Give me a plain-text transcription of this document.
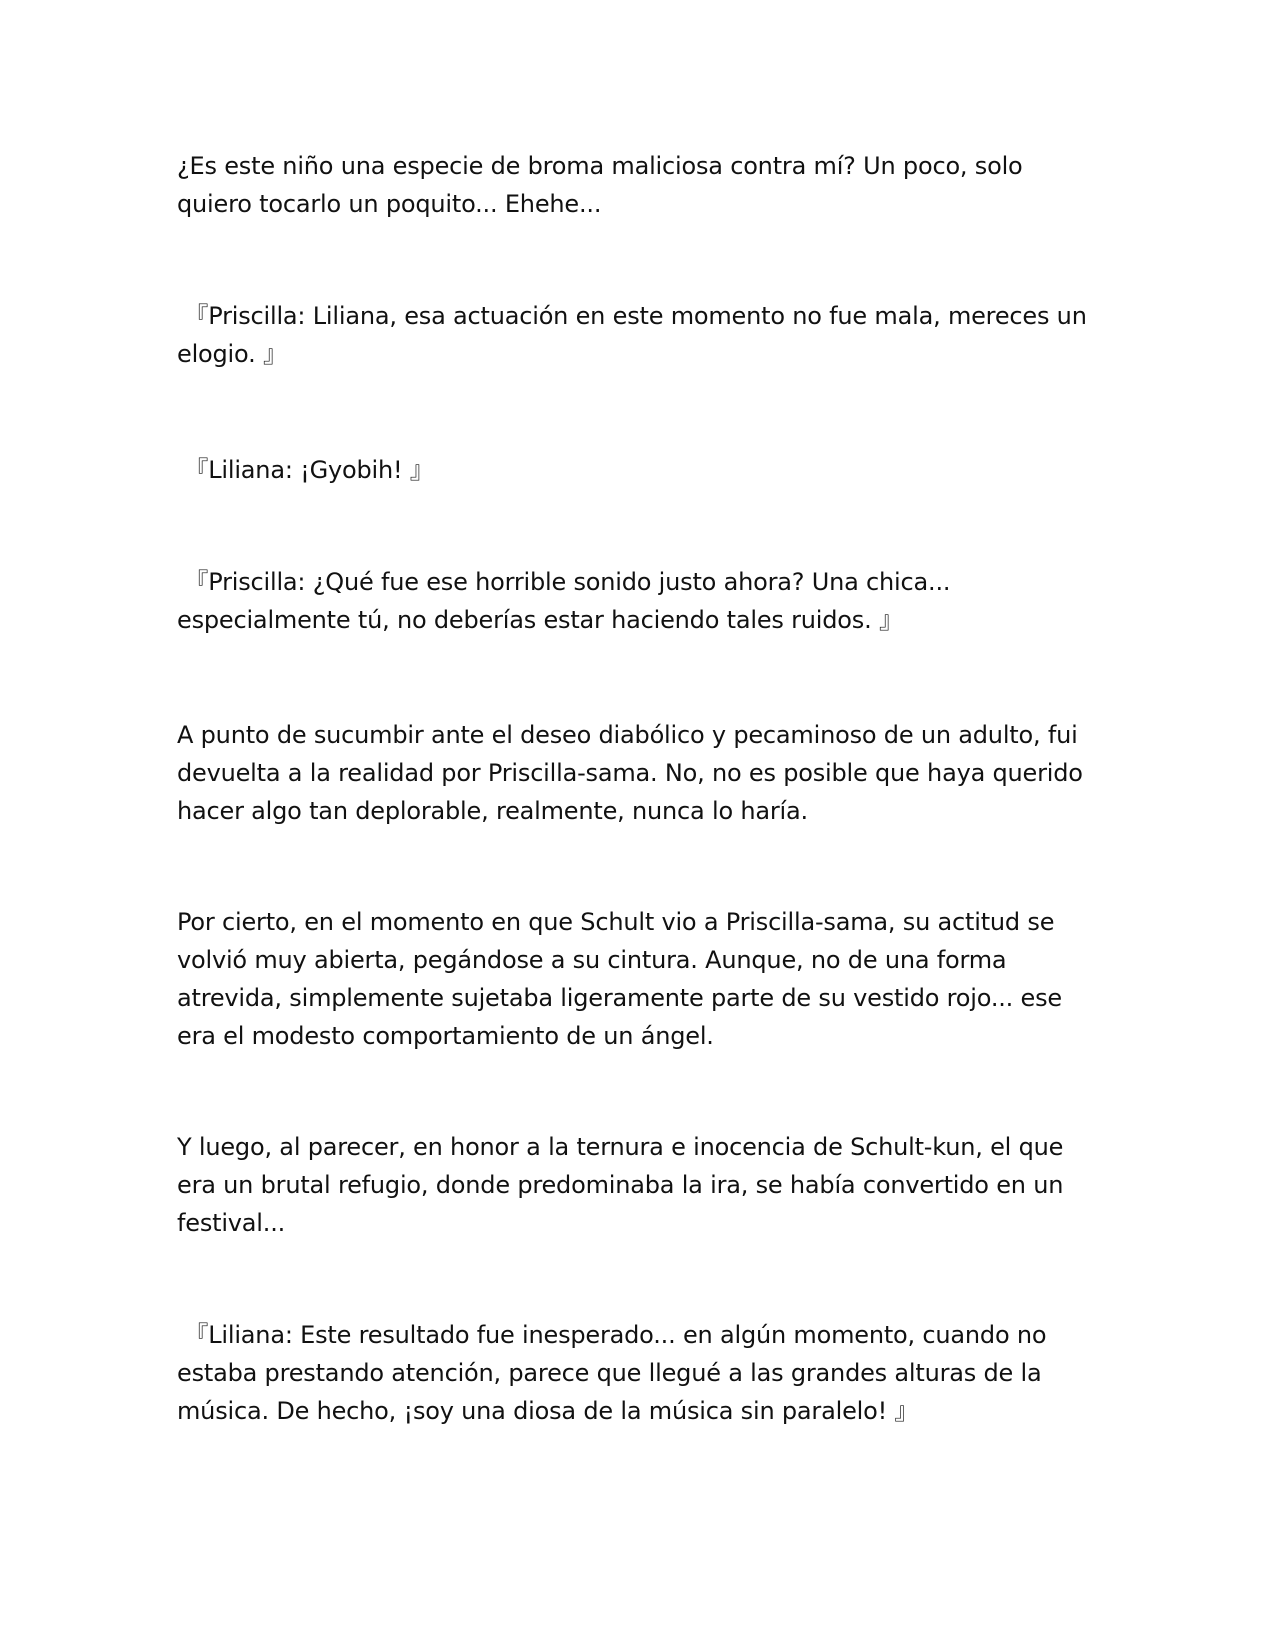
¿Es este niño una especie de broma maliciosa contra mí? Un poco, solo quiero tocarlo un poquito... Ehehe...

『Priscilla: Liliana, esa actuación en este momento no fue mala, mereces un elogio. 』

『Liliana: ¡Gyobih! 』

『Priscilla: ¿Qué fue ese horrible sonido justo ahora? Una chica... especialmente tú, no deberías estar haciendo tales ruidos. 』

A punto de sucumbir ante el deseo diabólico y pecaminoso de un adulto, fui devuelta a la realidad por Priscilla-sama. No, no es posible que haya querido hacer algo tan deplorable, realmente, nunca lo haría.

Por cierto, en el momento en que Schult vio a Priscilla-sama, su actitud se volvió muy abierta, pegándose a su cintura. Aunque, no de una forma atrevida, simplemente sujetaba ligeramente parte de su vestido rojo... ese era el modesto comportamiento de un ángel.

Y luego, al parecer, en honor a la ternura e inocencia de Schult-kun, el que era un brutal refugio, donde predominaba la ira, se había convertido en un festival...

『Liliana: Este resultado fue inesperado... en algún momento, cuando no estaba prestando atención, parece que llegué a las grandes alturas de la música. De hecho, ¡soy una diosa de la música sin paralelo! 』
